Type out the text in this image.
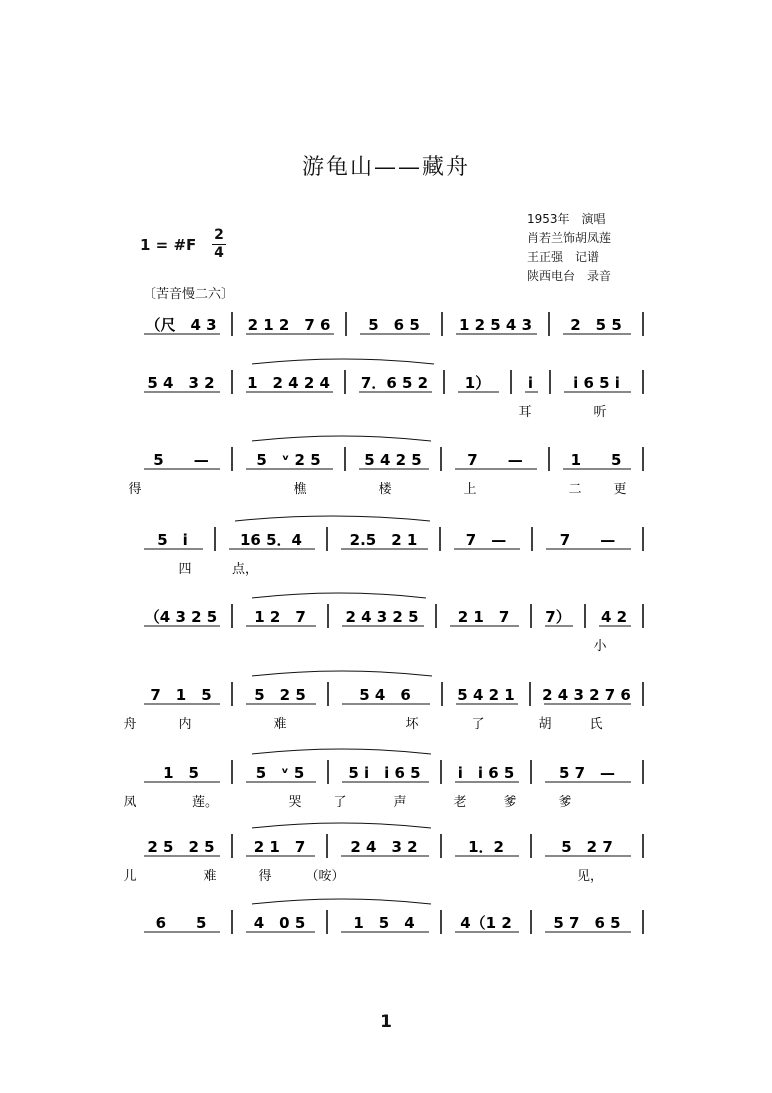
游龟山——藏舟
1953年　演唱
肖若兰饰胡凤莲
王正强　记谱
陕西电台　录音
1 = #F
2
4
〔苦音慢二六〕
（尺　4 3 2 1 2　7 6	5　6 5	1 2 5 4 3	2　5 5
5 4　3 2 1　2 4 2 4 7．6 5 2 1）	i	i 6 5 i
耳	听
5　　—	5　ᵛ 2 5	5 4 2 5	7　　—	1　　5
得	樵	楼	上	二 更
5　i	16 5．4	2.5　2 1	7　—	7　　—
四	点，
（4 3 2 5 1 2　7	2 4 3 2 5	2 1　7 7） 4 2
小
7　1　5	5　2 5	5 4　6	5 4 2 1 2 4 3 2 7 6
舟	内	难	坏	了	胡	氏
1　5	5　ᵛ 5	5 i　i 6 5 i　i 6 5	5 7　—
凤	莲。	哭 了	声	老	爹	爹
2 5　2 5	2 1　7	2 4　3 2	1．2	5　2 7
儿	难	得	（咹）	见，
6　　5	4　0 5	1　5　4	4（1 2	5 7　6 5
1
